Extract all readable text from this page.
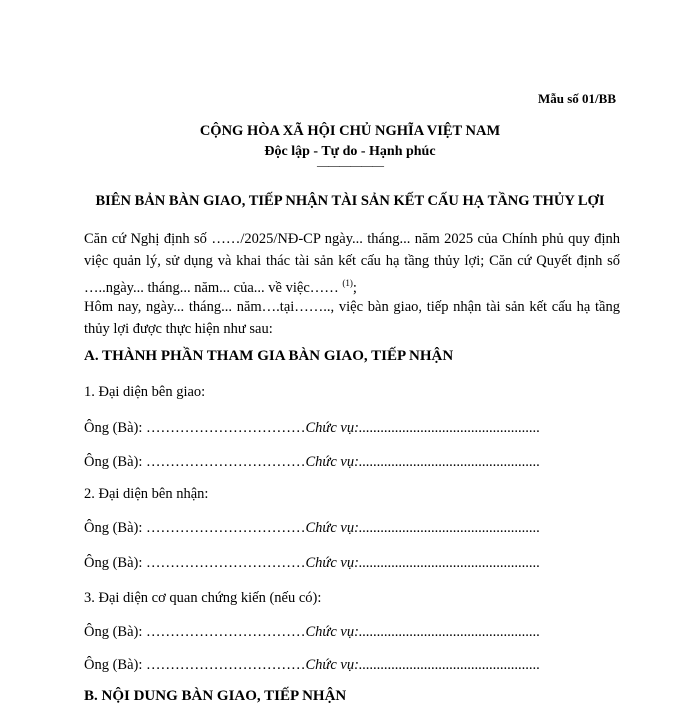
Mẫu số 01/BB
CỘNG HÒA XÃ HỘI CHỦ NGHĨA VIỆT NAM
Độc lập - Tự do - Hạnh phúc
——————
BIÊN BẢN BÀN GIAO, TIẾP NHẬN TÀI SẢN KẾT CẤU HẠ TẦNG THỦY LỢI
Căn cứ Nghị định số ……/2025/NĐ-CP ngày... tháng... năm 2025 của Chính phủ quy định việc quản lý, sử dụng và khai thác tài sản kết cấu hạ tầng thủy lợi; Căn cứ Quyết định số …..ngày... tháng... năm... của... về việc…… $^{(1)}$;
Hôm nay, ngày... tháng... năm….tại…….., việc bàn giao, tiếp nhận tài sản kết cấu hạ tầng thủy lợi được thực hiện như sau:
A. THÀNH PHẦN THAM GIA BÀN GIAO, TIẾP NHẬN
1. Đại diện bên giao:
Ông (Bà): ……………………………Chức vụ:..................................................
Ông (Bà): ……………………………Chức vụ:..................................................
2. Đại diện bên nhận:
Ông (Bà): ……………………………Chức vụ:..................................................
Ông (Bà): ……………………………Chức vụ:..................................................
3. Đại diện cơ quan chứng kiến (nếu có):
Ông (Bà): ……………………………Chức vụ:..................................................
Ông (Bà): ……………………………Chức vụ:..................................................
B. NỘI DUNG BÀN GIAO, TIẾP NHẬN
